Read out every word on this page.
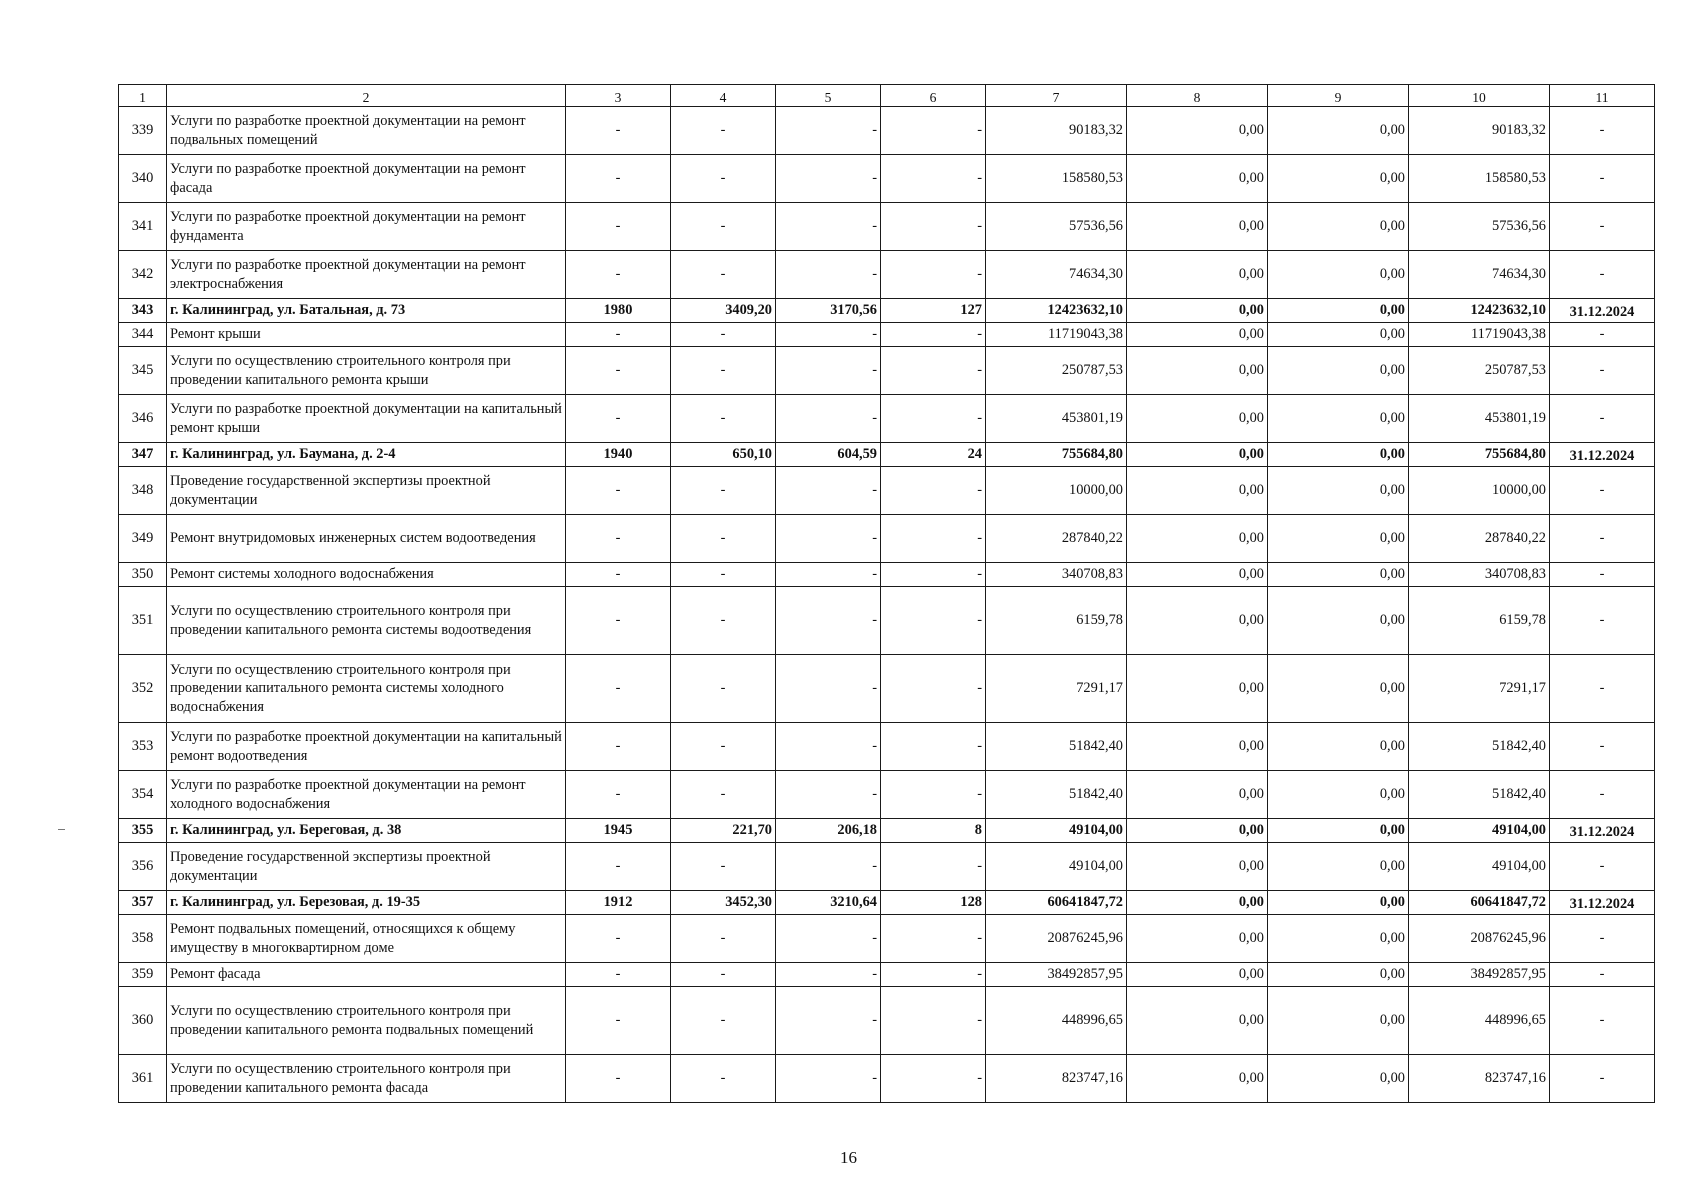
1	2	3	4	5	6	7	8	9	10	11
339	Услуги по разработке проектной документации на ремонт подвальных помещений	-	-	-	-	90183,32	0,00	0,00	90183,32	-
340	Услуги по разработке проектной документации на ремонт фасада	-	-	-	-	158580,53	0,00	0,00	158580,53	-
341	Услуги по разработке проектной документации на ремонт фундамента	-	-	-	-	57536,56	0,00	0,00	57536,56	-
342	Услуги по разработке проектной документации на ремонт электроснабжения	-	-	-	-	74634,30	0,00	0,00	74634,30	-
343	г. Калининград, ул. Батальная, д. 73	1980	3409,20	3170,56	127	12423632,10	0,00	0,00	12423632,10	31.12.2024
344	Ремонт крыши	-	-	-	-	11719043,38	0,00	0,00	11719043,38	-
345	Услуги по осуществлению строительного контроля при проведении капитального ремонта крыши	-	-	-	-	250787,53	0,00	0,00	250787,53	-
346	Услуги по разработке проектной документации на капитальный ремонт крыши	-	-	-	-	453801,19	0,00	0,00	453801,19	-
347	г. Калининград, ул. Баумана, д. 2-4	1940	650,10	604,59	24	755684,80	0,00	0,00	755684,80	31.12.2024
348	Проведение государственной экспертизы проектной документации	-	-	-	-	10000,00	0,00	0,00	10000,00	-
349	Ремонт внутридомовых инженерных систем водоотведения	-	-	-	-	287840,22	0,00	0,00	287840,22	-
350	Ремонт системы холодного водоснабжения	-	-	-	-	340708,83	0,00	0,00	340708,83	-
351	Услуги по осуществлению строительного контроля при проведении капитального ремонта системы водоотведения	-	-	-	-	6159,78	0,00	0,00	6159,78	-
352	Услуги по осуществлению строительного контроля при проведении капитального ремонта системы холодного водоснабжения	-	-	-	-	7291,17	0,00	0,00	7291,17	-
353	Услуги по разработке проектной документации на капитальный ремонт водоотведения	-	-	-	-	51842,40	0,00	0,00	51842,40	-
354	Услуги по разработке проектной документации на ремонт холодного водоснабжения	-	-	-	-	51842,40	0,00	0,00	51842,40	-
355	г. Калининград, ул. Береговая, д. 38	1945	221,70	206,18	8	49104,00	0,00	0,00	49104,00	31.12.2024
356	Проведение государственной экспертизы проектной документации	-	-	-	-	49104,00	0,00	0,00	49104,00	-
357	г. Калининград, ул. Березовая, д. 19-35	1912	3452,30	3210,64	128	60641847,72	0,00	0,00	60641847,72	31.12.2024
358	Ремонт подвальных помещений, относящихся к общему имуществу в многоквартирном доме	-	-	-	-	20876245,96	0,00	0,00	20876245,96	-
359	Ремонт фасада	-	-	-	-	38492857,95	0,00	0,00	38492857,95	-
360	Услуги по осуществлению строительного контроля при проведении капитального ремонта подвальных помещений	-	-	-	-	448996,65	0,00	0,00	448996,65	-
361	Услуги по осуществлению строительного контроля при проведении капитального ремонта фасада	-	-	-	-	823747,16	0,00	0,00	823747,16	-
16
